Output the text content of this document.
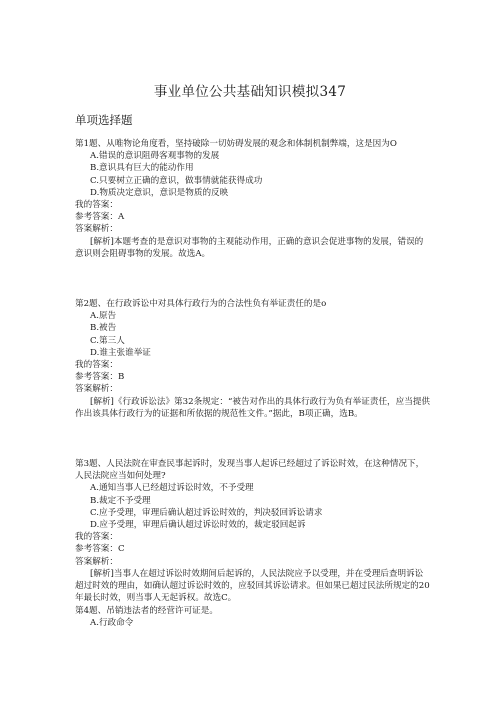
事业单位公共基础知识模拟347
单项选择题

第1题、从唯物论角度看，坚持破除一切妨碍发展的观念和体制机制弊端，这是因为O

A.错误的意识阻碍客观事物的发展

B.意识具有巨大的能动作用

C.只要树立正确的意识，做事情就能获得成功

D.物质决定意识，意识是物质的反映

我的答案：

参考答案：A

答案解析：

[解析]本题考查的是意识对事物的主观能动作用，正确的意识会促进事物的发展，错误的意识则会阻碍事物的发展。故选A。

第2题、在行政诉讼中对具体行政行为的合法性负有举证责任的是o

A.原告

B.被告

C.第三人

D.谁主张谁举证

我的答案：

参考答案：B

答案解析：

[解析]《行政诉讼法》第32条规定：“被告对作出的具体行政行为负有举证责任，应当提供作出该具体行政行为的证据和所依据的规范性文件。”据此，B项正确，选B。

第3题、人民法院在审查民事起诉时，发现当事人起诉已经超过了诉讼时效，在这种情况下，人民法院应当如何处理?

A.通知当事人已经超过诉讼时效，不予受理

B.裁定不予受理

C.应予受理，审理后确认超过诉讼时效的，判决驳回诉讼请求

D.应予受理，审理后确认超过诉讼时效的，裁定驳回起诉

我的答案：

参考答案：C

答案解析：

[解析]当事人在超过诉讼时效期间后起诉的，人民法院应予以受理，并在受理后查明诉讼超过时效的理由，如确认超过诉讼时效的，应驳回其诉讼请求。但如果已超过民法所规定的20年最长时效，则当事人无起诉权。故选C。

第4题、吊销违法者的经营许可证是。

A.行政命令
